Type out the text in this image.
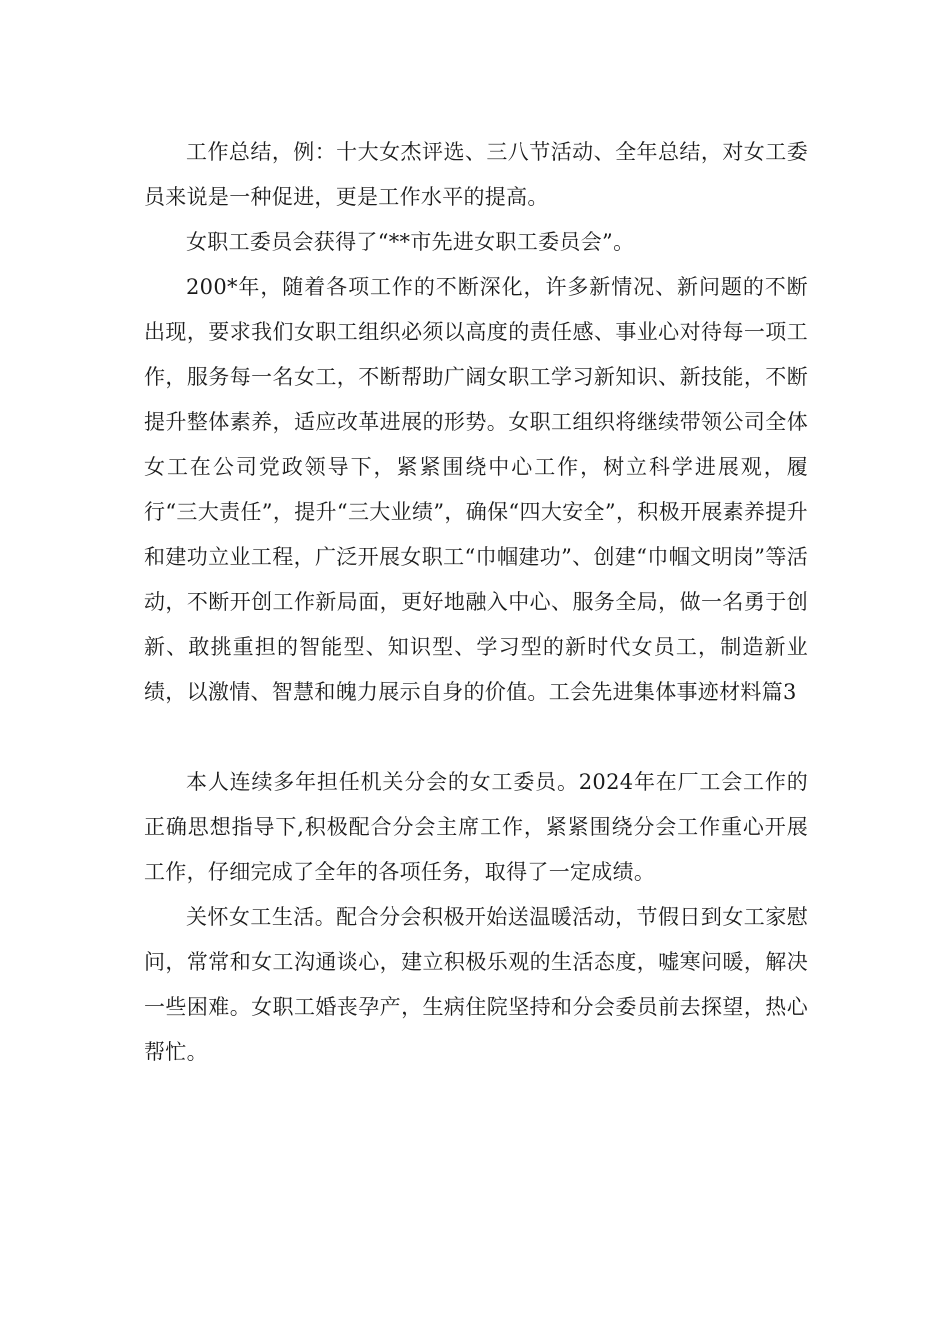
工作总结，例：十大女杰评选、三八节活动、全年总结，对女工委员来说是一种促进，更是工作水平的提高。

女职工委员会获得了“**市先进女职工委员会”。

200*年，随着各项工作的不断深化，许多新情况、新问题的不断出现，要求我们女职工组织必须以高度的责任感、事业心对待每一项工作，服务每一名女工，不断帮助广阔女职工学习新知识、新技能，不断提升整体素养，适应改革进展的形势。女职工组织将继续带领公司全体女工在公司党政领导下，紧紧围绕中心工作，树立科学进展观，履行“三大责任”，提升“三大业绩”，确保“四大安全”，积极开展素养提升和建功立业工程，广泛开展女职工“巾帼建功”、创建“巾帼文明岗”等活动，不断开创工作新局面，更好地融入中心、服务全局，做一名勇于创新、敢挑重担的智能型、知识型、学习型的新时代女员工，制造新业绩，以激情、智慧和魄力展示自身的价值。工会先进集体事迹材料篇3

本人连续多年担任机关分会的女工委员。2024年在厂工会工作的正确思想指导下,积极配合分会主席工作，紧紧围绕分会工作重心开展工作，仔细完成了全年的各项任务，取得了一定成绩。

关怀女工生活。配合分会积极开始送温暖活动，节假日到女工家慰问，常常和女工沟通谈心，建立积极乐观的生活态度，嘘寒问暖，解决一些困难。女职工婚丧孕产，生病住院坚持和分会委员前去探望，热心帮忙。
